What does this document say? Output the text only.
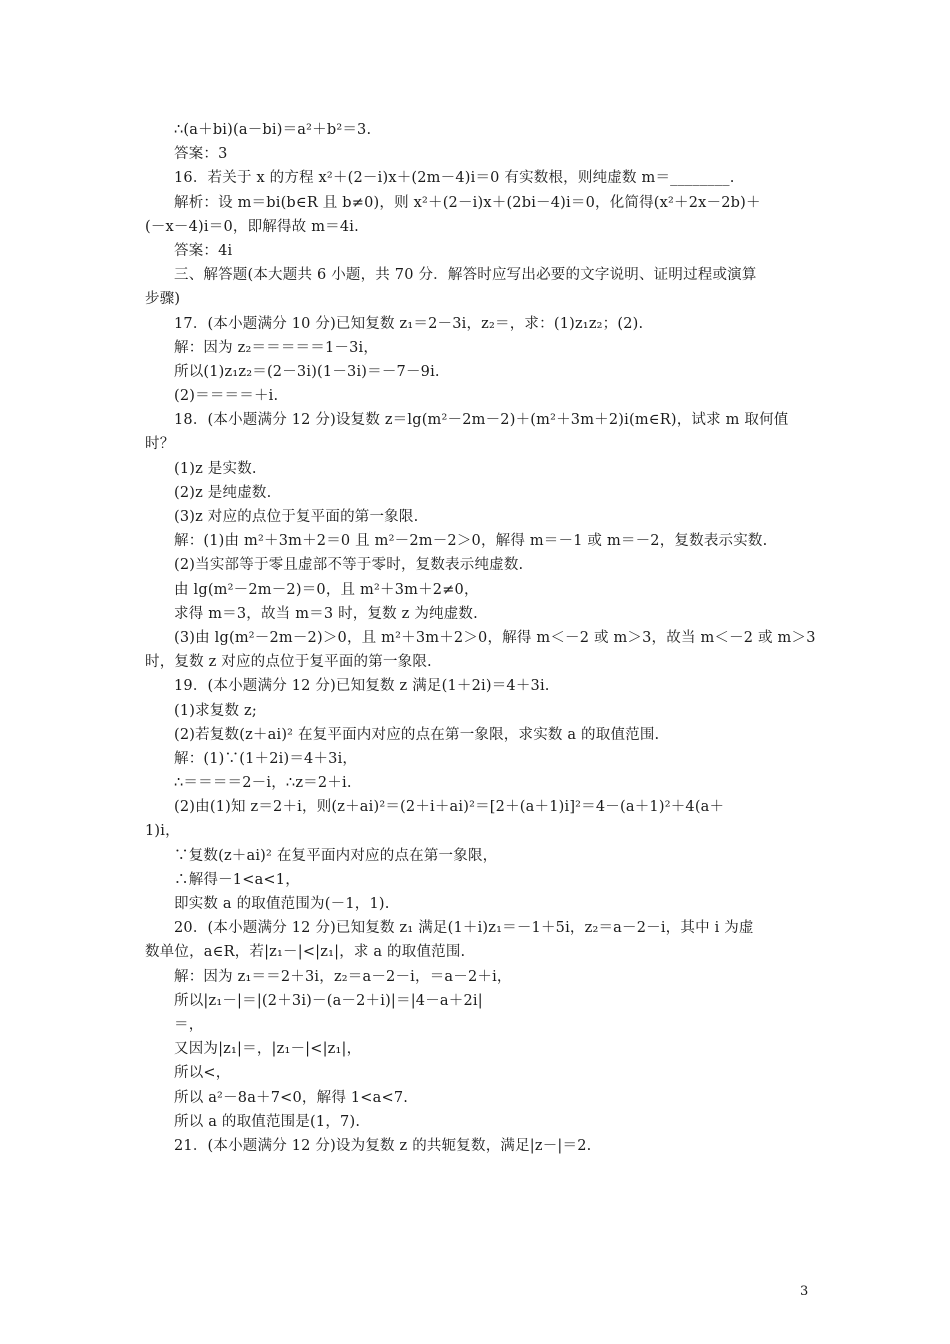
∴(a＋bi)(a－bi)＝a²＋b²＝3.
答案：3
16．若关于 x 的方程 x²＋(2－i)x＋(2m－4)i＝0 有实数根，则纯虚数 m＝________.
解析：设 m＝bi(b∈R 且 b≠0)，则 x²＋(2－i)x＋(2bi－4)i＝0，化简得(x²＋2x－2b)＋
(－x－4)i＝0，即解得故 m＝4i.
答案：4i
三、解答题(本大题共 6 小题，共 70 分．解答时应写出必要的文字说明、证明过程或演算
步骤)
17．(本小题满分 10 分)已知复数 z₁＝2－3i，z₂＝，求：(1)z₁z₂；(2).
解：因为 z₂＝＝＝＝＝1－3i，
所以(1)z₁z₂＝(2－3i)(1－3i)＝－7－9i.
(2)＝＝＝＝＋i.
18．(本小题满分 12 分)设复数 z＝lg(m²－2m－2)＋(m²＋3m＋2)i(m∈R)，试求 m 取何值
时？
(1)z 是实数.
(2)z 是纯虚数.
(3)z 对应的点位于复平面的第一象限.
解：(1)由 m²＋3m＋2＝0 且 m²－2m－2＞0，解得 m＝－1 或 m＝－2，复数表示实数.
(2)当实部等于零且虚部不等于零时，复数表示纯虚数.
由 lg(m²－2m－2)＝0，且 m²＋3m＋2≠0，
求得 m＝3，故当 m＝3 时，复数 z 为纯虚数.
(3)由 lg(m²－2m－2)＞0，且 m²＋3m＋2＞0，解得 m＜－2 或 m＞3，故当 m＜－2 或 m＞3
时，复数 z 对应的点位于复平面的第一象限.
19．(本小题满分 12 分)已知复数 z 满足(1＋2i)＝4＋3i.
(1)求复数 z;
(2)若复数(z＋ai)² 在复平面内对应的点在第一象限，求实数 a 的取值范围.
解：(1)∵(1＋2i)＝4＋3i，
∴＝＝＝＝2－i，∴z＝2＋i.
(2)由(1)知 z＝2＋i，则(z＋ai)²＝(2＋i＋ai)²＝[2＋(a＋1)i]²＝4－(a＋1)²＋4(a＋
1)i，
∵复数(z＋ai)² 在复平面内对应的点在第一象限，
∴解得－1<a<1，
即实数 a 的取值范围为(－1，1).
20．(本小题满分 12 分)已知复数 z₁ 满足(1＋i)z₁＝－1＋5i，z₂＝a－2－i，其中 i 为虚
数单位，a∈R，若|z₁－|<|z₁|，求 a 的取值范围.
解：因为 z₁＝＝2＋3i，z₂＝a－2－i，＝a－2＋i，
所以|z₁－|＝|(2＋3i)－(a－2＋i)|＝|4－a＋2i|
＝，
又因为|z₁|＝，|z₁－|<|z₁|，
所以<，
所以 a²－8a＋7<0，解得 1<a<7.
所以 a 的取值范围是(1，7).
21．(本小题满分 12 分)设为复数 z 的共轭复数，满足|z－|＝2.
3
